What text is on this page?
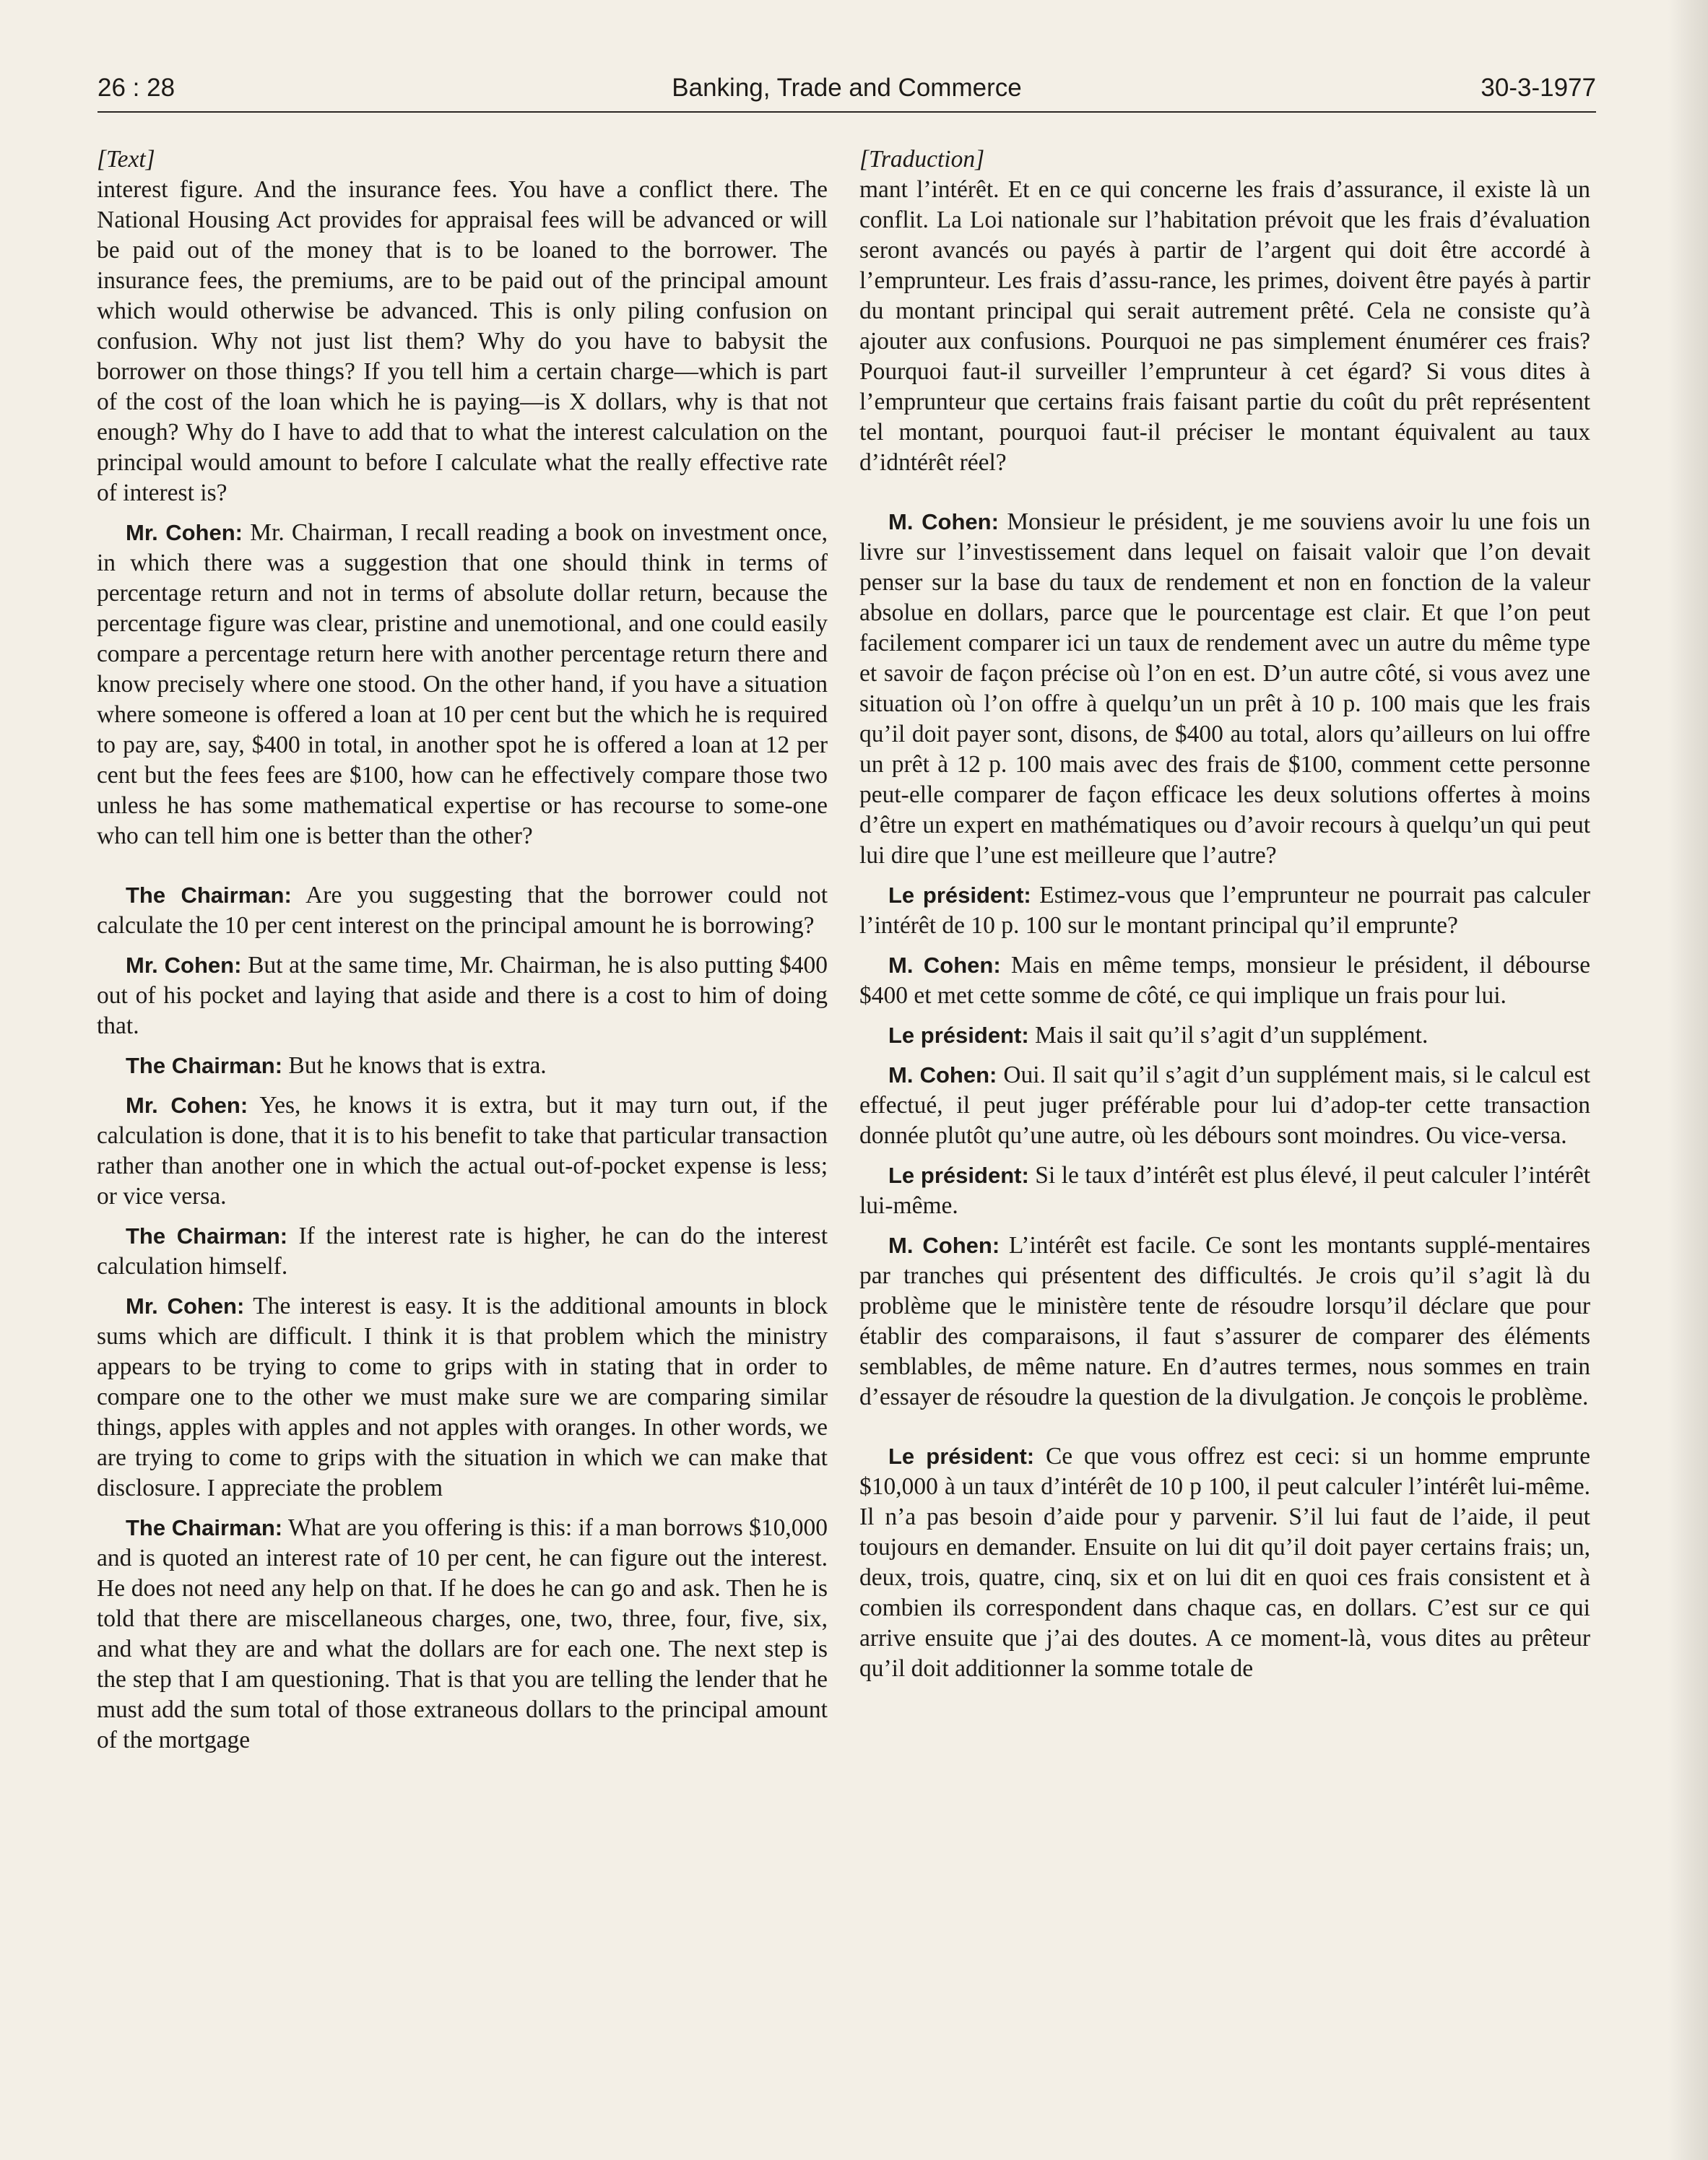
26 : 28	Banking, Trade and Commerce	30-3-1977
[Text]

interest figure. And the insurance fees. You have a conflict there. The National Housing Act provides for appraisal fees will be advanced or will be paid out of the money that is to be loaned to the borrower. The insurance fees, the premiums, are to be paid out of the principal amount which would otherwise be advanced. This is only piling confusion on confusion. Why not just list them? Why do you have to babysit the borrower on those things? If you tell him a certain charge—which is part of the cost of the loan which he is paying—is X dollars, why is that not enough? Why do I have to add that to what the interest calculation on the principal would amount to before I calculate what the really effective rate of interest is?

Mr. Cohen: Mr. Chairman, I recall reading a book on investment once, in which there was a suggestion that one should think in terms of percentage return and not in terms of absolute dollar return, because the percentage figure was clear, pristine and unemotional, and one could easily compare a percentage return here with another percentage return there and know precisely where one stood. On the other hand, if you have a situation where someone is offered a loan at 10 per cent but the which he is required to pay are, say, $400 in total, in another spot he is offered a loan at 12 per cent but the fees fees are $100, how can he effectively compare those two unless he has some mathematical expertise or has recourse to some-one who can tell him one is better than the other?

The Chairman: Are you suggesting that the borrower could not calculate the 10 per cent interest on the principal amount he is borrowing?

Mr. Cohen: But at the same time, Mr. Chairman, he is also putting $400 out of his pocket and laying that aside and there is a cost to him of doing that.

The Chairman: But he knows that is extra.

Mr. Cohen: Yes, he knows it is extra, but it may turn out, if the calculation is done, that it is to his benefit to take that particular transaction rather than another one in which the actual out-of-pocket expense is less; or vice versa.

The Chairman: If the interest rate is higher, he can do the interest calculation himself.

Mr. Cohen: The interest is easy. It is the additional amounts in block sums which are difficult. I think it is that problem which the ministry appears to be trying to come to grips with in stating that in order to compare one to the other we must make sure we are comparing similar things, apples with apples and not apples with oranges. In other words, we are trying to come to grips with the situation in which we can make that disclosure. I appreciate the problem

The Chairman: What are you offering is this: if a man borrows $10,000 and is quoted an interest rate of 10 per cent, he can figure out the interest. He does not need any help on that. If he does he can go and ask. Then he is told that there are miscellaneous charges, one, two, three, four, five, six, and what they are and what the dollars are for each one. The next step is the step that I am questioning. That is that you are telling the lender that he must add the sum total of those extraneous dollars to the principal amount of the mortgage

[Traduction]

mant l’intérêt. Et en ce qui concerne les frais d’assurance, il existe là un conflit. La Loi nationale sur l’habitation prévoit que les frais d’évaluation seront avancés ou payés à partir de l’argent qui doit être accordé à l’emprunteur. Les frais d’assu-rance, les primes, doivent être payés à partir du montant principal qui serait autrement prêté. Cela ne consiste qu’à ajouter aux confusions. Pourquoi ne pas simplement énumérer ces frais? Pourquoi faut-il surveiller l’emprunteur à cet égard? Si vous dites à l’emprunteur que certains frais faisant partie du coût du prêt représentent tel montant, pourquoi faut-il préciser le montant équivalent au taux d’idntérêt réel?

M. Cohen: Monsieur le président, je me souviens avoir lu une fois un livre sur l’investissement dans lequel on faisait valoir que l’on devait penser sur la base du taux de rendement et non en fonction de la valeur absolue en dollars, parce que le pourcentage est clair. Et que l’on peut facilement comparer ici un taux de rendement avec un autre du même type et savoir de façon précise où l’on en est. D’un autre côté, si vous avez une situation où l’on offre à quelqu’un un prêt à 10 p. 100 mais que les frais qu’il doit payer sont, disons, de $400 au total, alors qu’ailleurs on lui offre un prêt à 12 p. 100 mais avec des frais de $100, comment cette personne peut-elle comparer de façon efficace les deux solutions offertes à moins d’être un expert en mathématiques ou d’avoir recours à quelqu’un qui peut lui dire que l’une est meilleure que l’autre?

Le président: Estimez-vous que l’emprunteur ne pourrait pas calculer l’intérêt de 10 p. 100 sur le montant principal qu’il emprunte?

M. Cohen: Mais en même temps, monsieur le président, il débourse $400 et met cette somme de côté, ce qui implique un frais pour lui.

Le président: Mais il sait qu’il s’agit d’un supplément.

M. Cohen: Oui. Il sait qu’il s’agit d’un supplément mais, si le calcul est effectué, il peut juger préférable pour lui d’adop-ter cette transaction donnée plutôt qu’une autre, où les débours sont moindres. Ou vice-versa.

Le président: Si le taux d’intérêt est plus élevé, il peut calculer l’intérêt lui-même.

M. Cohen: L’intérêt est facile. Ce sont les montants supplé-mentaires par tranches qui présentent des difficultés. Je crois qu’il s’agit là du problème que le ministère tente de résoudre lorsqu’il déclare que pour établir des comparaisons, il faut s’assurer de comparer des éléments semblables, de même nature. En d’autres termes, nous sommes en train d’essayer de résoudre la question de la divulgation. Je conçois le problème.

Le président: Ce que vous offrez est ceci: si un homme emprunte $10,000 à un taux d’intérêt de 10 p 100, il peut calculer l’intérêt lui-même. Il n’a pas besoin d’aide pour y parvenir. S’il lui faut de l’aide, il peut toujours en demander. Ensuite on lui dit qu’il doit payer certains frais; un, deux, trois, quatre, cinq, six et on lui dit en quoi ces frais consistent et à combien ils correspondent dans chaque cas, en dollars. C’est sur ce qui arrive ensuite que j’ai des doutes. A ce moment-là, vous dites au prêteur qu’il doit additionner la somme totale de
